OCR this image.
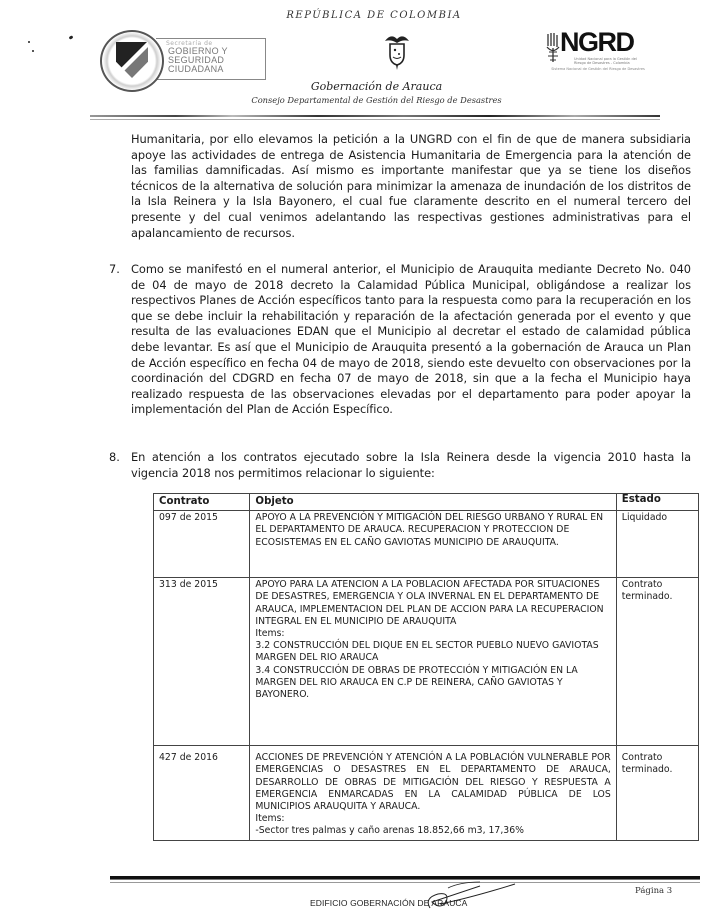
Secretaría de
GOBIERNO Y
SEGURIDAD
CIUDADANA
REPÚBLICA DE COLOMBIA
Gobernación de Arauca
Consejo Departamental de Gestión del Riesgo de Desastres
NGRD
Unidad Nacional para la Gestión del Riesgo de Desastres - Colombia
Sistema Nacional de Gestión del Riesgo de Desastres

Humanitaria, por ello elevamos la petición a la UNGRD con el fin de que de manera subsidiaria apoye las actividades de entrega de Asistencia Humanitaria de Emergencia para la atención de las familias damnificadas. Así mismo es importante manifestar que ya se tiene los diseños técnicos de la alternativa de solución para minimizar la amenaza de inundación de los distritos de la Isla Reinera y la Isla Bayonero, el cual fue claramente descrito en el numeral tercero del presente y del cual venimos adelantando las respectivas gestiones administrativas para el apalancamiento de recursos.

7. Como se manifestó en el numeral anterior, el Municipio de Arauquita mediante Decreto No. 040 de 04 de mayo de 2018 decreto la Calamidad Pública Municipal, obligándose a realizar los respectivos Planes de Acción específicos tanto para la respuesta como para la recuperación en los que se debe incluir la rehabilitación y reparación de la afectación generada por el evento y que resulta de las evaluaciones EDAN que el Municipio al decretar el estado de calamidad pública debe levantar. Es así que el Municipio de Arauquita presentó a la gobernación de Arauca un Plan de Acción específico en fecha 04 de mayo de 2018, siendo este devuelto con observaciones por la coordinación del CDGRD en fecha 07 de mayo de 2018, sin que a la fecha el Municipio haya realizado respuesta de las observaciones elevadas por el departamento para poder apoyar la implementación del Plan de Acción Específico.

8. En atención a los contratos ejecutado sobre la Isla Reinera desde la vigencia 2010 hasta la vigencia 2018 nos permitimos relacionar lo siguiente:

Contrato	Objeto	Estado
097 de 2015	APOYO A LA PREVENCIÓN Y MITIGACIÓN DEL RIESGO URBANO Y RURAL EN EL DEPARTAMENTO DE ARAUCA. RECUPERACION Y PROTECCION DE ECOSISTEMAS EN EL CAÑO GAVIOTAS MUNICIPIO DE ARAUQUITA.	Liquidado
313 de 2015	APOYO PARA LA ATENCION A LA POBLACION AFECTADA POR SITUACIONES DE DESASTRES, EMERGENCIA Y OLA INVERNAL EN EL DEPARTAMENTO DE ARAUCA, IMPLEMENTACION DEL PLAN DE ACCION PARA LA RECUPERACION INTEGRAL EN EL MUNICIPIO DE ARAUQUITA
Items:
3.2 CONSTRUCCIÓN DEL DIQUE EN EL SECTOR PUEBLO NUEVO GAVIOTAS MARGEN DEL RIO ARAUCA
3.4 CONSTRUCCIÓN DE OBRAS DE PROTECCIÓN Y MITIGACIÓN EN LA MARGEN DEL RIO ARAUCA EN C.P DE REINERA, CAÑO GAVIOTAS Y BAYONERO.	Contrato terminado.
427 de 2016	ACCIONES DE PREVENCIÓN Y ATENCIÓN A LA POBLACIÓN VULNERABLE POR EMERGENCIAS O DESASTRES EN EL DEPARTAMENTO DE ARAUCA, DESARROLLO DE OBRAS DE MITIGACIÓN DEL RIESGO Y RESPUESTA A EMERGENCIA ENMARCADAS EN LA CALAMIDAD PÚBLICA DE LOS MUNICIPIOS ARAUQUITA Y ARAUCA.
Items:
-Sector tres palmas y caño arenas 18.852,66 m3, 17,36%	Contrato terminado.
Página 3
EDIFICIO GOBERNACIÓN DE ARAUCA
